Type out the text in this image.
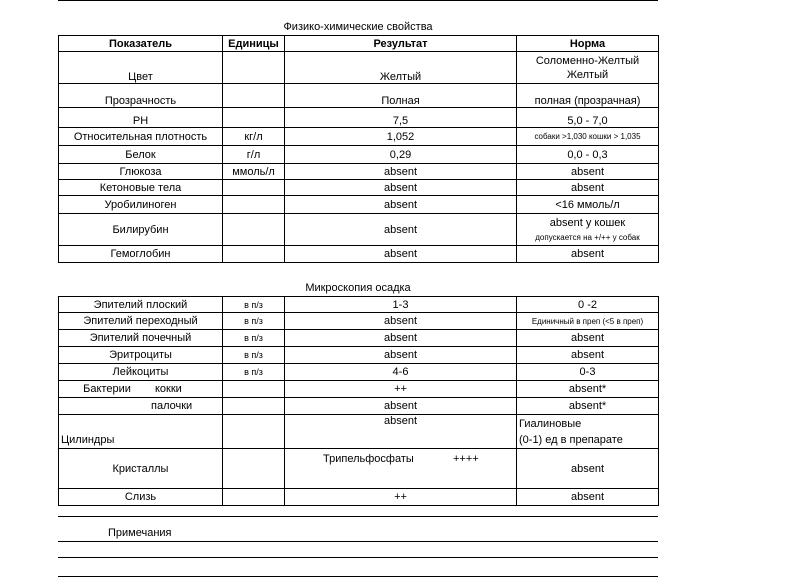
Физико-химические свойства
Показатель	Единицы	Результат	Норма
Цвет		Желтый	Соломенно-Желтый
Желтый

Прозрачность		Полная	полная (прозрачная)
PH		7,5	5,0 - 7,0
Относительная плотность	кг/л	1,052	собаки >1,030 кошки > 1,035
Белок	г/л	0,29	0,0 - 0,3
Глюкоза	ммоль/л	absent	absent
Кетоновые тела		absent	absent
Уробилиноген		absent	<16 ммоль/л
Билирубин		absent	absent у кошек
допускается на +/++ у собак

Гемоглобин		absent	absent
Микроскопия осадка
Эпителий плоский	в п/з	1-3	0 -2
Эпителий переходный	в п/з	absent	Единичный в преп (<5 в преп)
Эпителий почечный	в п/з	absent	absent
Эритроциты	в п/з	absent	absent
Лейкоциты	в п/з	4-6	0-3
Бактерии кокки		++	absent*
палочки		absent	absent*
Цилиндры		absent	Гиалиновые
(0-1) ед в препарате

Кристаллы		Трипельфосфаты ++++	absent
Слизь		++	absent
Примечания
